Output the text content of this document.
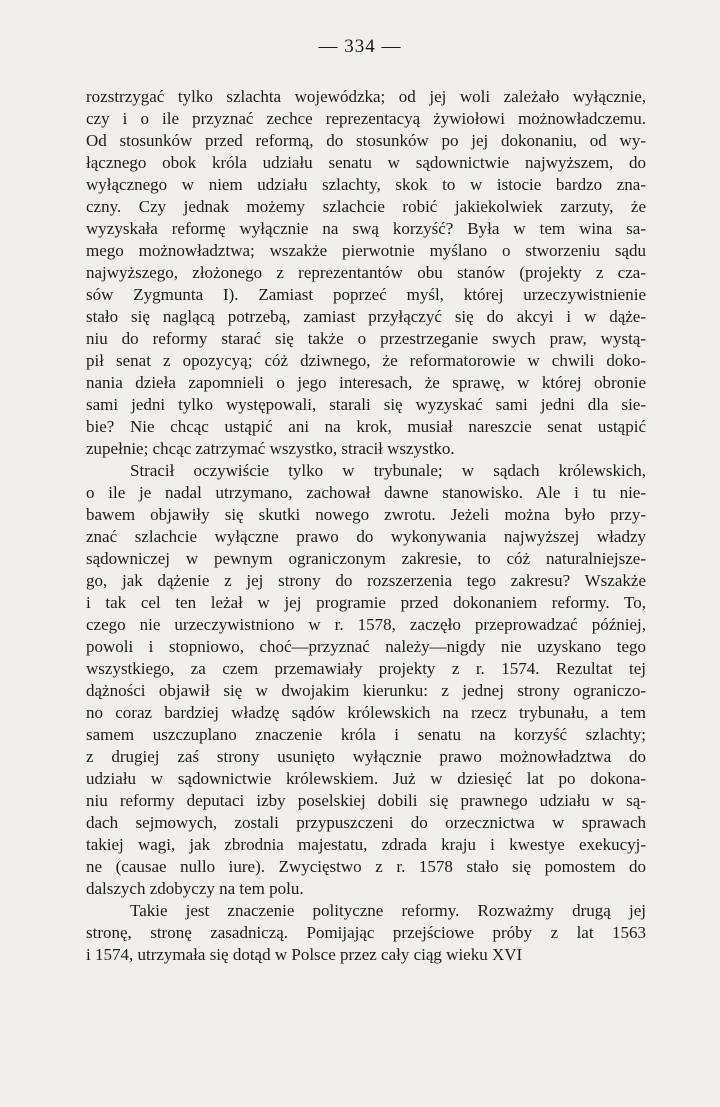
— 334 —
rozstrzygać tylko szlachta wojewódzka; od jej woli zależało wyłącznie,
czy i o ile przyznać zechce reprezentacyą żywiołowi możnowładczemu.
Od stosunków przed reformą, do stosunków po jej dokonaniu, od wy-
łącznego obok króla udziału senatu w sądownictwie najwyższem, do
wyłącznego w niem udziału szlachty, skok to w istocie bardzo zna-
czny. Czy jednak możemy szlachcie robić jakiekolwiek zarzuty, że
wyzyskała reformę wyłącznie na swą korzyść? Była w tem wina sa-
mego możnowładztwa; wszakże pierwotnie myślano o stworzeniu sądu
najwyższego, złożonego z reprezentantów obu stanów (projekty z cza-
sów Zygmunta I). Zamiast poprzeć myśl, której urzeczywistnienie
stało się naglącą potrzebą, zamiast przyłączyć się do akcyi i w dąże-
niu do reformy starać się także o przestrzeganie swych praw, wystą-
pił senat z opozycyą; cóż dziwnego, że reformatorowie w chwili doko-
nania dzieła zapomnieli o jego interesach, że sprawę, w której obronie
sami jedni tylko występowali, starali się wyzyskać sami jedni dla sie-
bie? Nie chcąc ustąpić ani na krok, musiał nareszcie senat ustąpić
zupełnie; chcąc zatrzymać wszystko, stracił wszystko.
Stracił oczywiście tylko w trybunale; w sądach królewskich,
o ile je nadal utrzymano, zachował dawne stanowisko. Ale i tu nie-
bawem objawiły się skutki nowego zwrotu. Jeżeli można było przy-
znać szlachcie wyłączne prawo do wykonywania najwyższej władzy
sądowniczej w pewnym ograniczonym zakresie, to cóż naturalniejsze-
go, jak dążenie z jej strony do rozszerzenia tego zakresu? Wszakże
i tak cel ten leżał w jej programie przed dokonaniem reformy. To,
czego nie urzeczywistniono w r. 1578, zaczęło przeprowadzać później,
powoli i stopniowo, choć—przyznać należy—nigdy nie uzyskano tego
wszystkiego, za czem przemawiały projekty z r. 1574. Rezultat tej
dążności objawił się w dwojakim kierunku: z jednej strony ograniczo-
no coraz bardziej władzę sądów królewskich na rzecz trybunału, a tem
samem uszczuplano znaczenie króla i senatu na korzyść szlachty;
z drugiej zaś strony usunięto wyłącznie prawo możnowładztwa do
udziału w sądownictwie królewskiem. Już w dziesięć lat po dokona-
niu reformy deputaci izby poselskiej dobili się prawnego udziału w są-
dach sejmowych, zostali przypuszczeni do orzecznictwa w sprawach
takiej wagi, jak zbrodnia majestatu, zdrada kraju i kwestye exekucyj-
ne (causae nullo iure). Zwycięstwo z r. 1578 stało się pomostem do
dalszych zdobyczy na tem polu.
Takie jest znaczenie polityczne reformy. Rozważmy drugą jej
stronę, stronę zasadniczą. Pomijając przejściowe próby z lat 1563
i 1574, utrzymała się dotąd w Polsce przez cały ciąg wieku XVI
